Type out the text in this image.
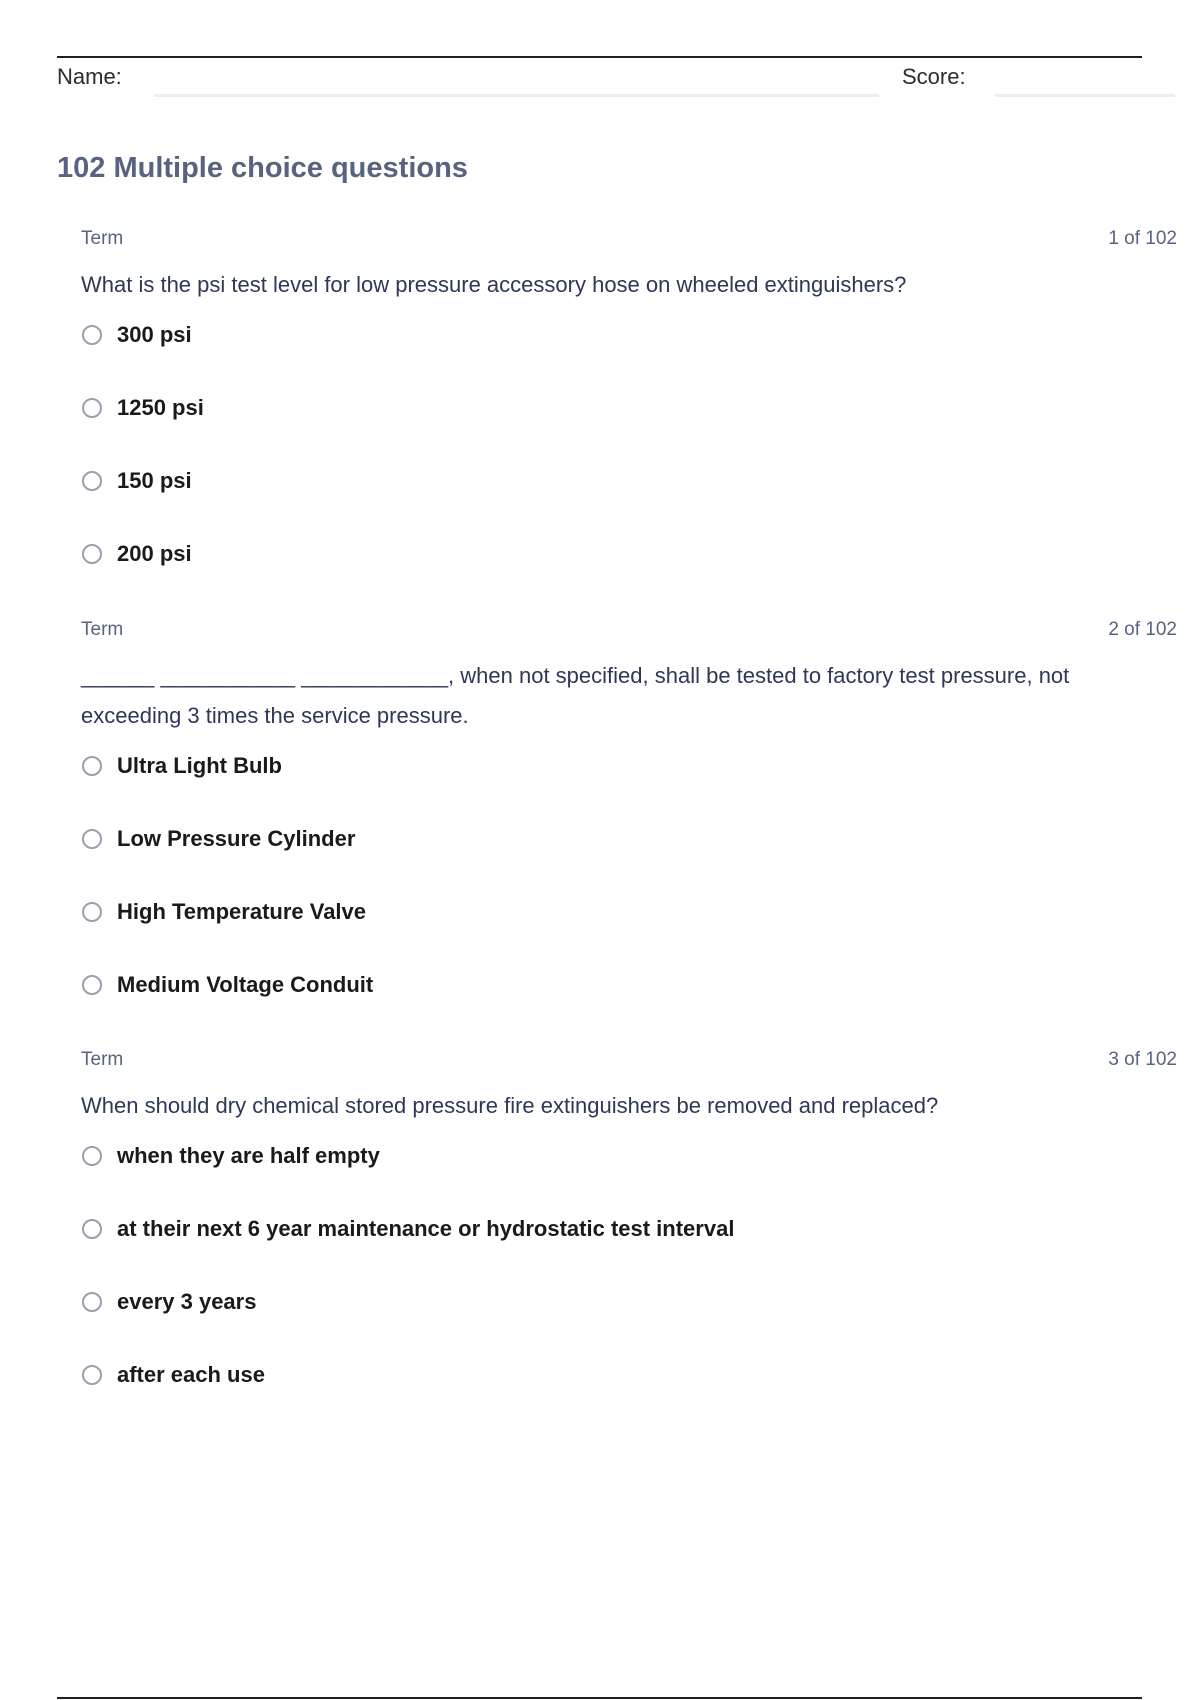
Name:	Score:
102 Multiple choice questions
Term	1 of 102
What is the psi test level for low pressure accessory hose on wheeled extinguishers?
300 psi
1250 psi
150 psi
200 psi
Term	2 of 102
______ ___________ ____________, when not specified, shall be tested to factory test pressure, not exceeding 3 times the service pressure.
Ultra Light Bulb
Low Pressure Cylinder
High Temperature Valve
Medium Voltage Conduit
Term	3 of 102
When should dry chemical stored pressure fire extinguishers be removed and replaced?
when they are half empty
at their next 6 year maintenance or hydrostatic test interval
every 3 years
after each use
